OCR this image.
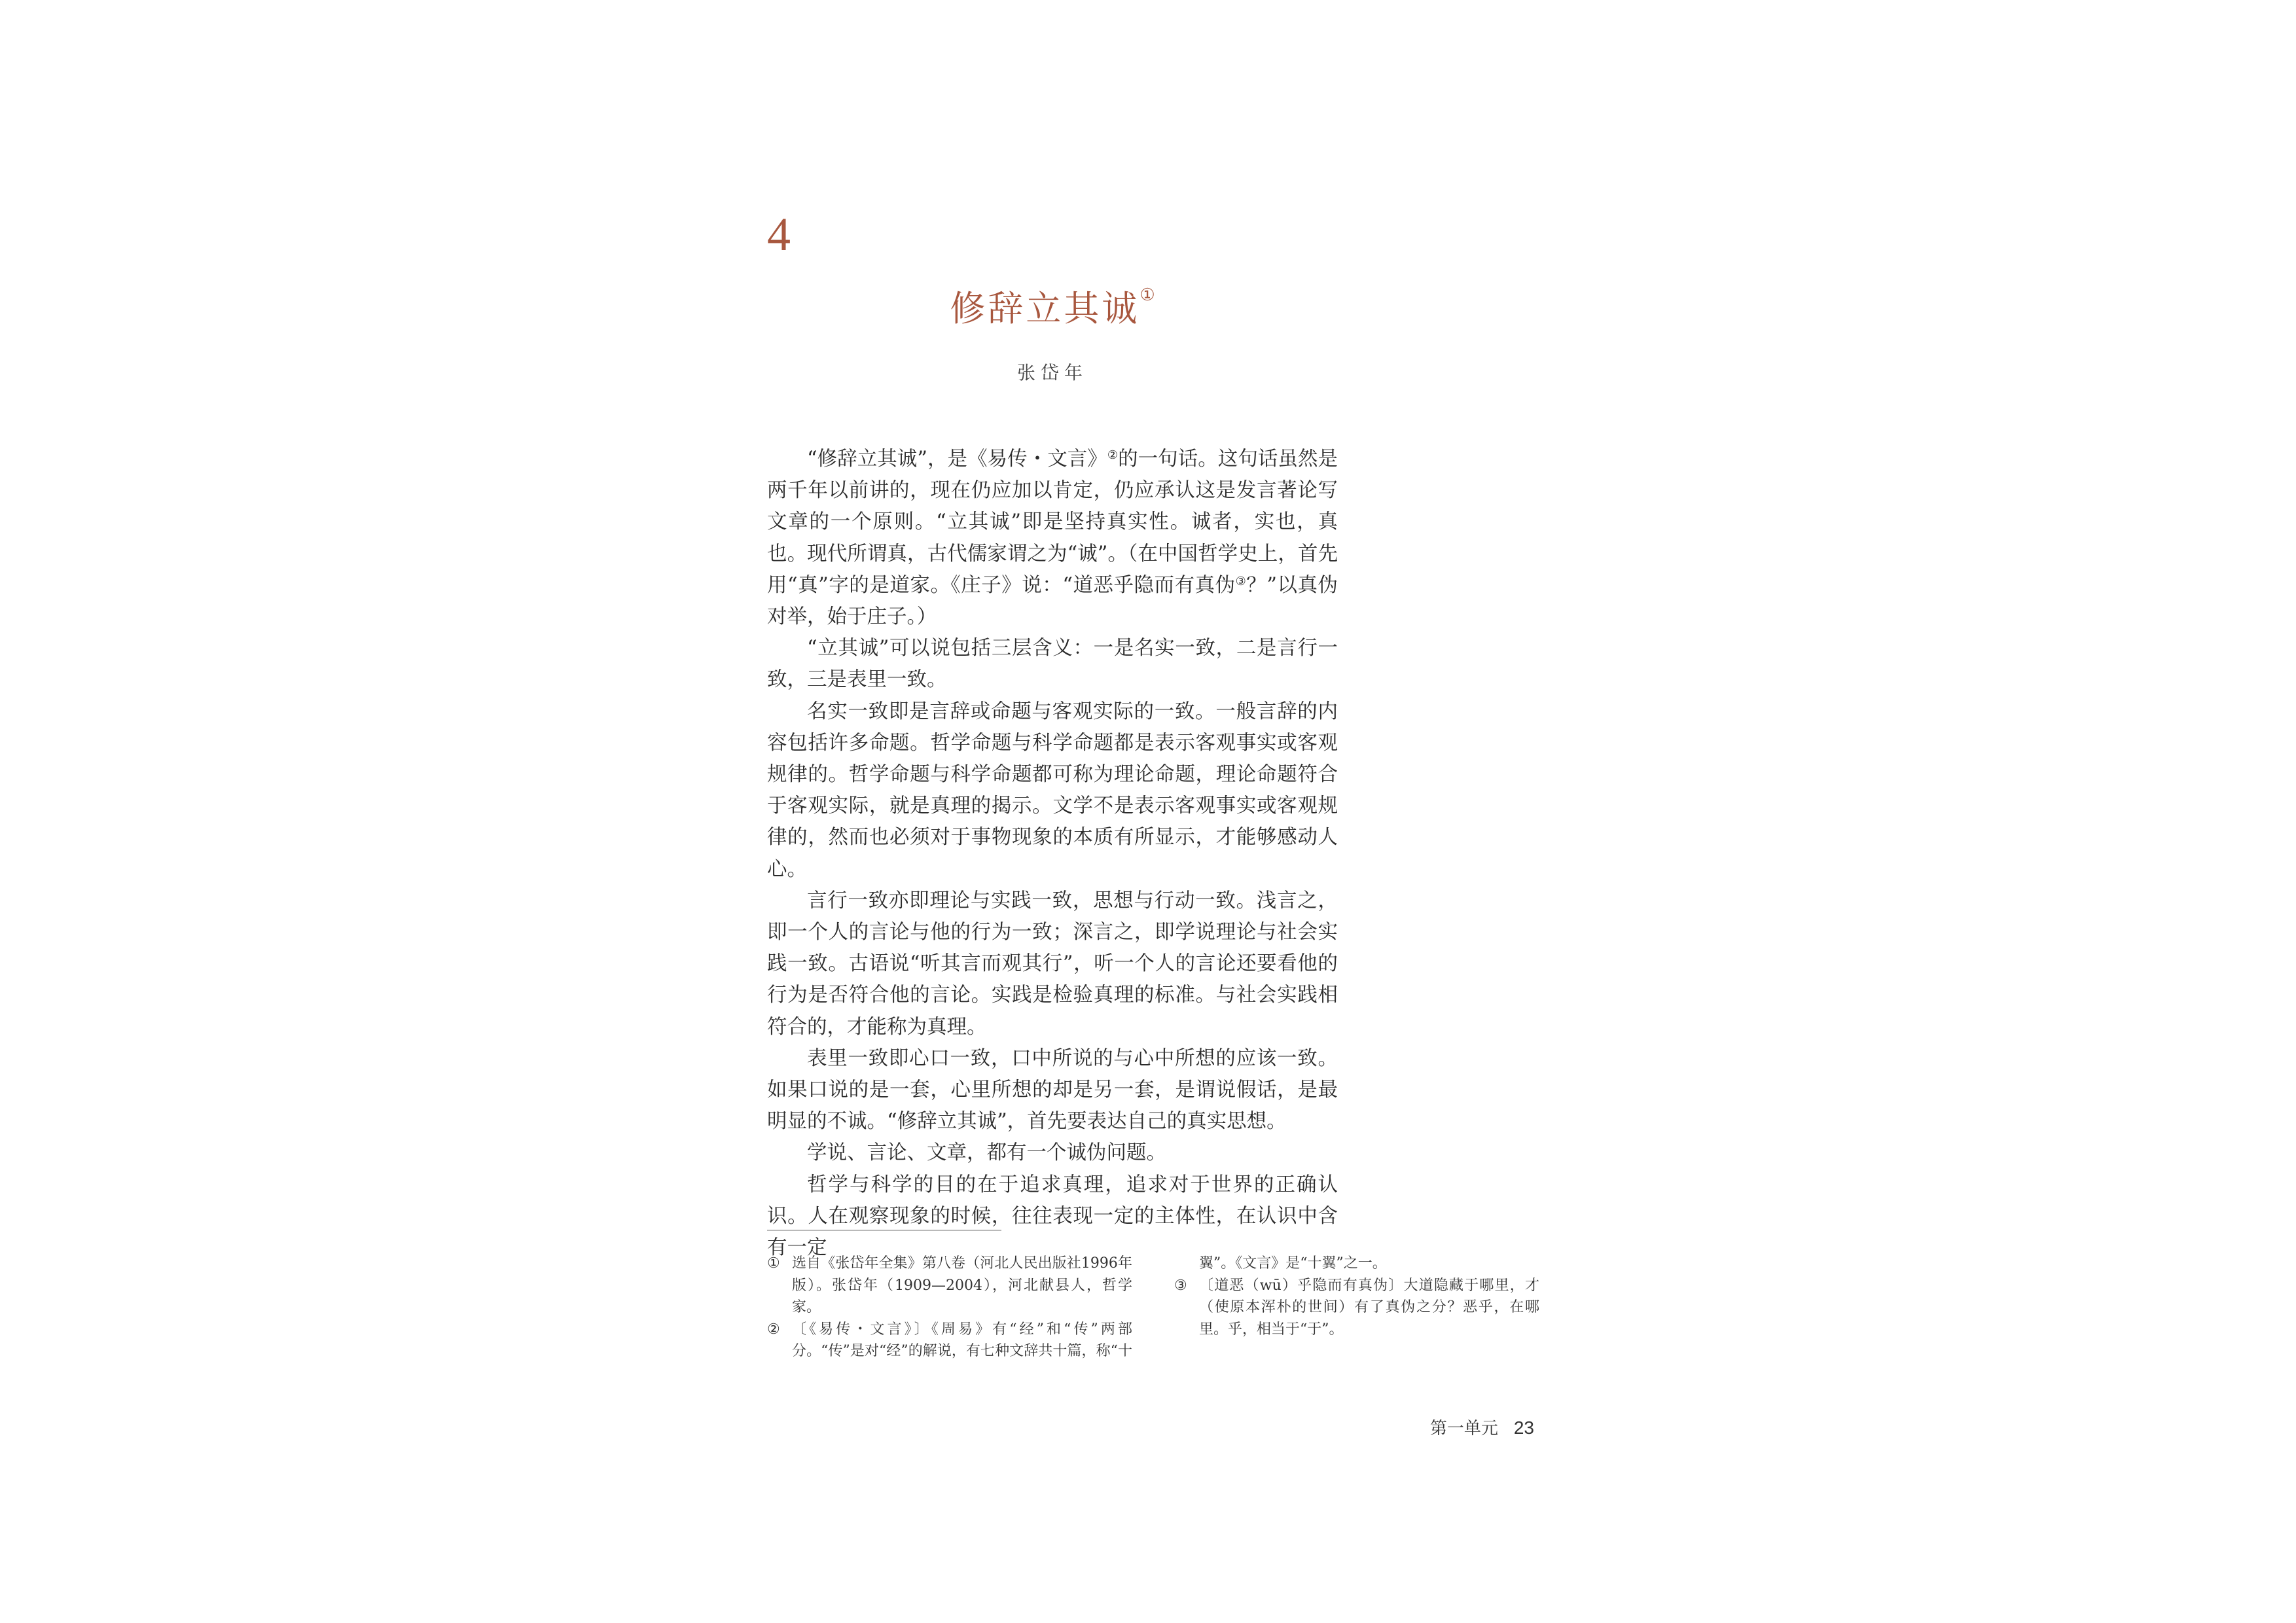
4
修辞立其诚①
张岱年

“修辞立其诚”，是《易传・文言》②的一句话。这句话虽然是两千年以前讲的，现在仍应加以肯定，仍应承认这是发言著论写文章的一个原则。“立其诚”即是坚持真实性。诚者，实也，真也。现代所谓真，古代儒家谓之为“诚”。（在中国哲学史上，首先用“真”字的是道家。《庄子》说：“道恶乎隐而有真伪③？”以真伪对举，始于庄子。）

“立其诚”可以说包括三层含义：一是名实一致，二是言行一致，三是表里一致。

名实一致即是言辞或命题与客观实际的一致。一般言辞的内容包括许多命题。哲学命题与科学命题都是表示客观事实或客观规律的。哲学命题与科学命题都可称为理论命题，理论命题符合于客观实际，就是真理的揭示。文学不是表示客观事实或客观规律的，然而也必须对于事物现象的本质有所显示，才能够感动人心。

言行一致亦即理论与实践一致，思想与行动一致。浅言之，即一个人的言论与他的行为一致；深言之，即学说理论与社会实践一致。古语说“听其言而观其行”，听一个人的言论还要看他的行为是否符合他的言论。实践是检验真理的标准。与社会实践相符合的，才能称为真理。

表里一致即心口一致，口中所说的与心中所想的应该一致。如果口说的是一套，心里所想的却是另一套，是谓说假话，是最明显的不诚。“修辞立其诚”，首先要表达自己的真实思想。

学说、言论、文章，都有一个诚伪问题。

哲学与科学的目的在于追求真理，追求对于世界的正确认识。人在观察现象的时候，往往表现一定的主体性，在认识中含有一定

① 选自《张岱年全集》第八卷（河北人民出版社1996年版）。张岱年（1909—2004），河北献县人，哲学家。
② 〔《易传・文言》〕《周易》有“经”和“传”两部分。“传”是对“经”的解说，有七种文辞共十篇，称“十翼”。《文言》是“十翼”之一。
③ 〔道恶（wū）乎隐而有真伪〕大道隐藏于哪里，才（使原本浑朴的世间）有了真伪之分？恶乎，在哪里。乎，相当于“于”。
第一单元 23
